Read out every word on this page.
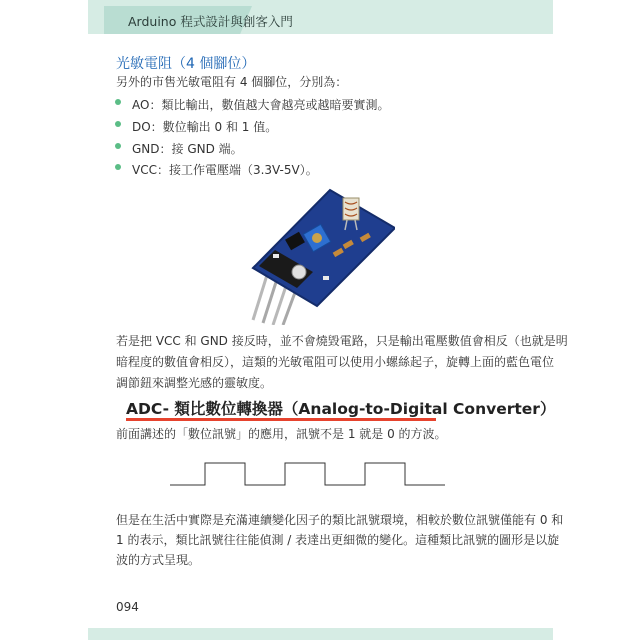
Arduino 程式設計與創客入門
光敏電阻（4 個腳位）
另外的市售光敏電阻有 4 個腳位，分別為：
AO：類比輸出，數值越大會越亮或越暗要實測。
DO：數位輸出 0 和 1 值。
GND：接 GND 端。
VCC：接工作電壓端（3.3V-5V）。
若是把 VCC 和 GND 接反時，並不會燒毀電路，只是輸出電壓數值會相反（也就是明
暗程度的數值會相反），這類的光敏電阻可以使用小螺絲起子，旋轉上面的藍色電位
調節鈕來調整光感的靈敏度。
ADC- 類比數位轉換器（Analog-to-Digital Converter）
前面講述的「數位訊號」的應用，訊號不是 1 就是 0 的方波。
但是在生活中實際是充滿連續變化因子的類比訊號環境，相較於數位訊號僅能有 0 和
1 的表示，類比訊號往往能偵測 / 表達出更細微的變化。這種類比訊號的圖形是以旋
波的方式呈現。
094
